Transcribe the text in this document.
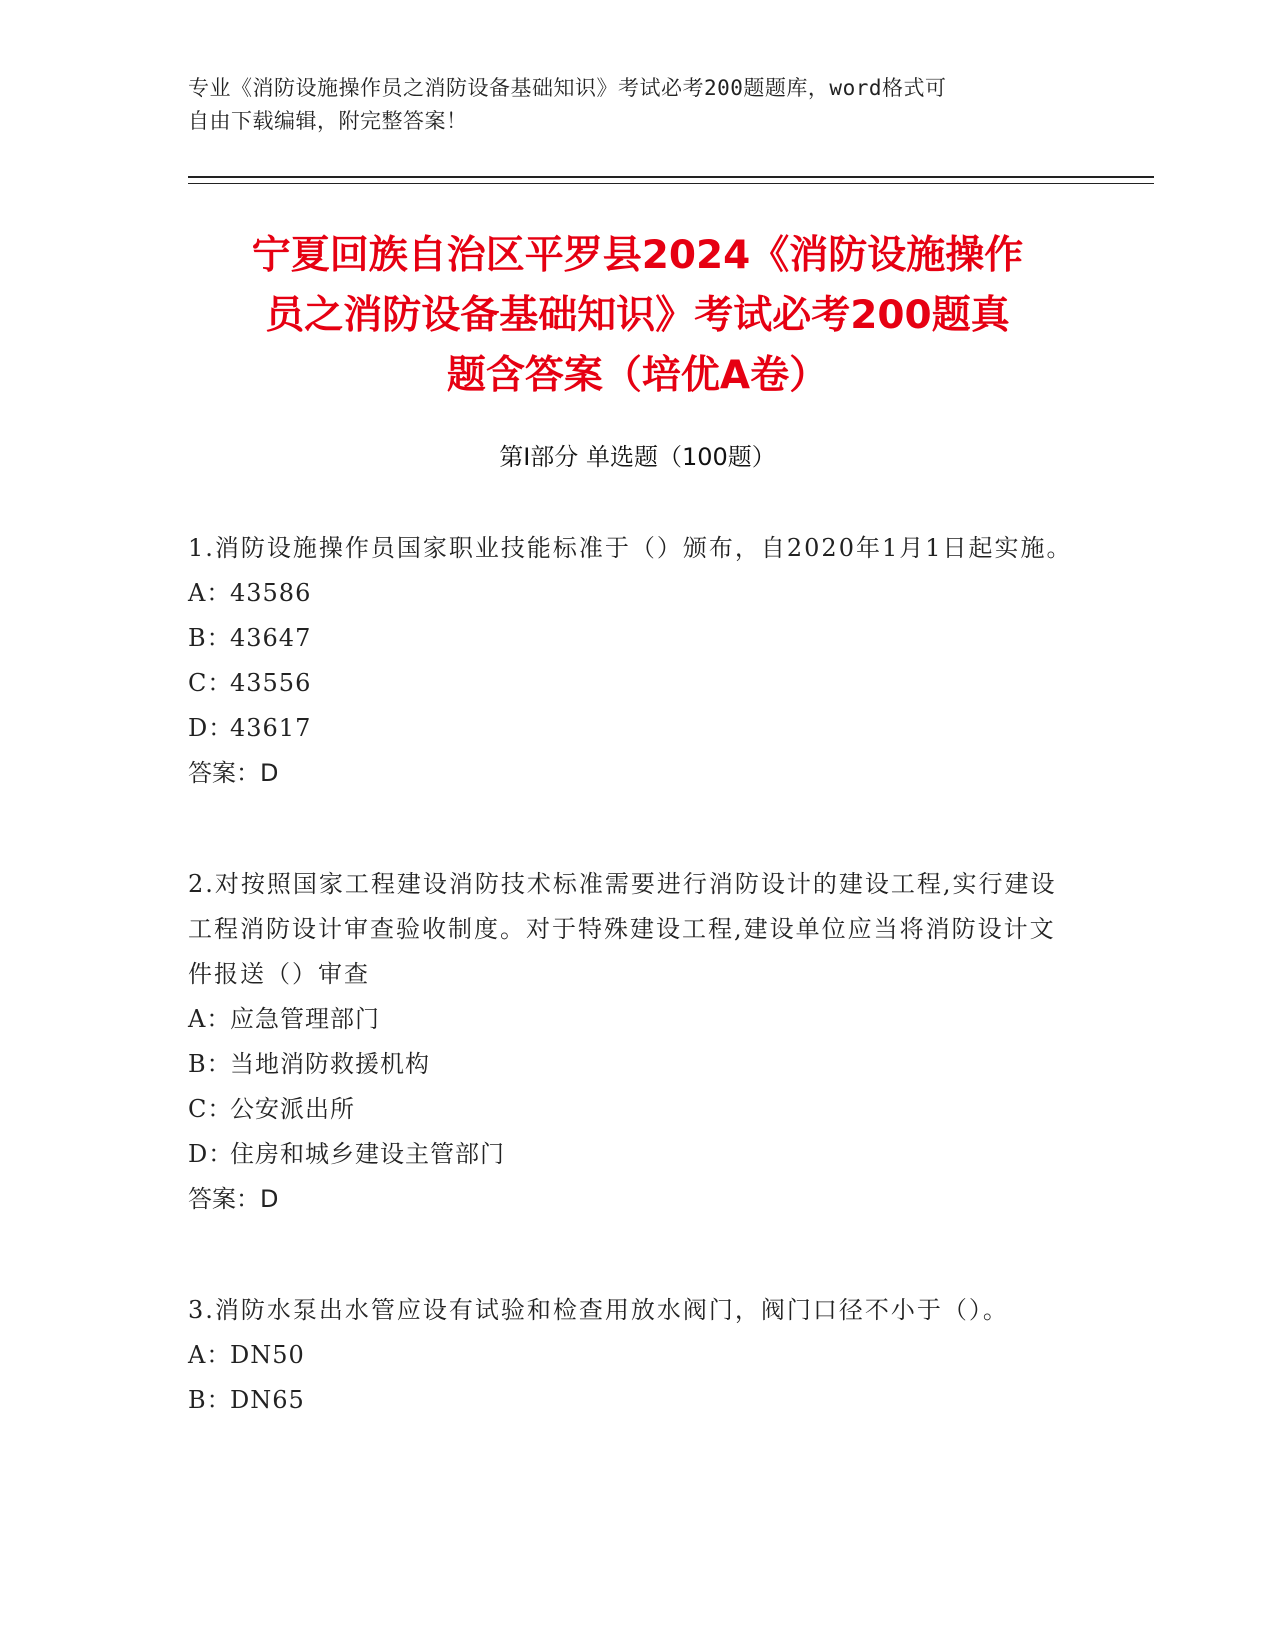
专业《消防设施操作员之消防设备基础知识》考试必考200题题库，word格式可
自由下载编辑，附完整答案！
宁夏回族自治区平罗县2024《消防设施操作
员之消防设备基础知识》考试必考200题真
题含答案（培优A卷）
第Ⅰ部分 单选题（100题）
1.消防设施操作员国家职业技能标准于（）颁布，自2020年1月1日起实施。
A：43586
B：43647
C：43556
D：43617
答案：D
2.对按照国家工程建设消防技术标准需要进行消防设计的建设工程,实行建设工程消防设计审查验收制度。对于特殊建设工程,建设单位应当将消防设计文件报送（）审查
A：应急管理部门
B：当地消防救援机构
C：公安派出所
D：住房和城乡建设主管部门
答案：D
3.消防水泵出水管应设有试验和检查用放水阀门，阀门口径不小于（）。
A：DN50
B：DN65
